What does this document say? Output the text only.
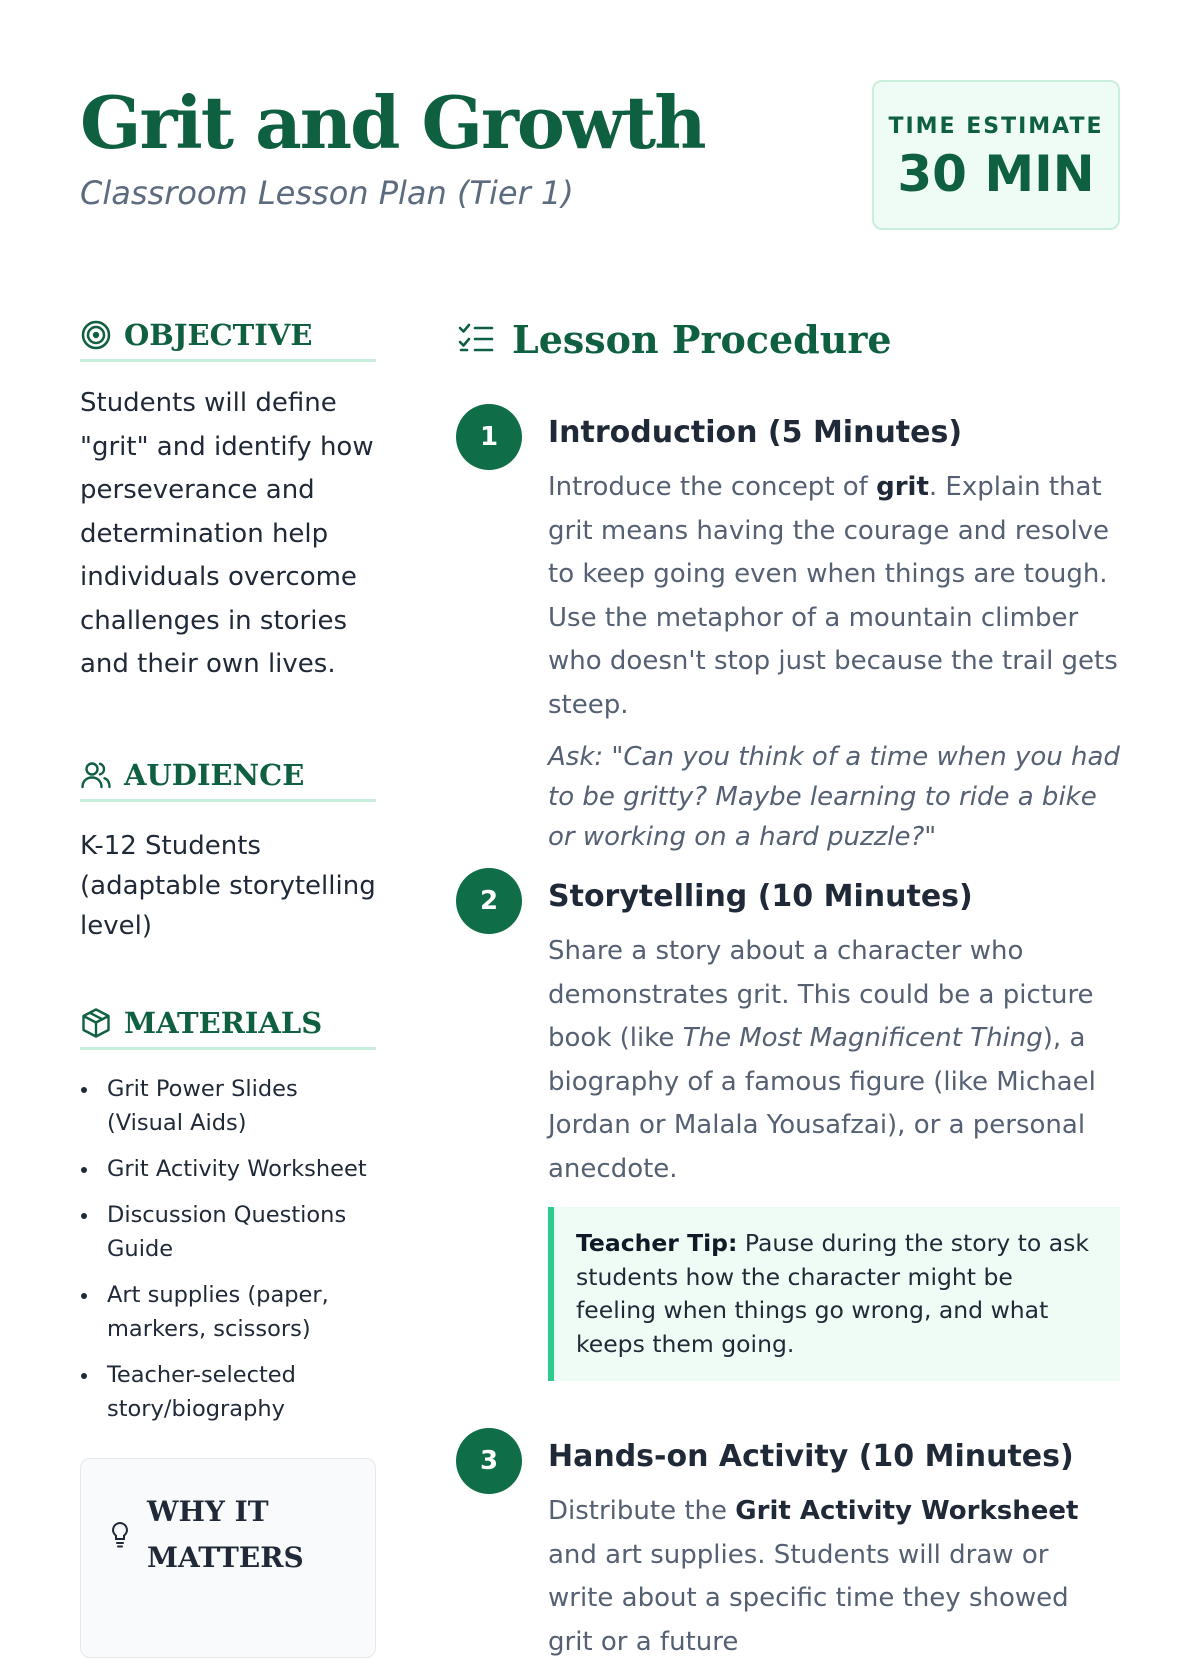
Grit and Growth
Classroom Lesson Plan (Tier 1)
TIME ESTIMATE
30 MIN
OBJECTIVE
Students will define "grit" and identify how perseverance and determination help individuals overcome challenges in stories and their own lives.
AUDIENCE
K-12 Students (adaptable storytelling level)
MATERIALS
Grit Power Slides (Visual Aids)
Grit Activity Worksheet
Discussion Questions Guide
Art supplies (paper, markers, scissors)
Teacher-selected story/biography
WHY IT MATTERS
Lesson Procedure
1	Introduction (5 Minutes)

Introduce the concept of grit. Explain that grit means having the courage and resolve to keep going even when things are tough. Use the metaphor of a mountain climber who doesn't stop just because the trail gets steep.

Ask: "Can you think of a time when you had to be gritty? Maybe learning to ride a bike or working on a hard puzzle?"

2	Storytelling (10 Minutes)

Share a story about a character who demonstrates grit. This could be a picture book (like The Most Magnificent Thing), a biography of a famous figure (like Michael Jordan or Malala Yousafzai), or a personal anecdote.

Teacher Tip: Pause during the story to ask students how the character might be feeling when things go wrong, and what keeps them going.
3	Hands-on Activity (10 Minutes)

Distribute the Grit Activity Worksheet and art supplies. Students will draw or write about a specific time they showed grit or a future
